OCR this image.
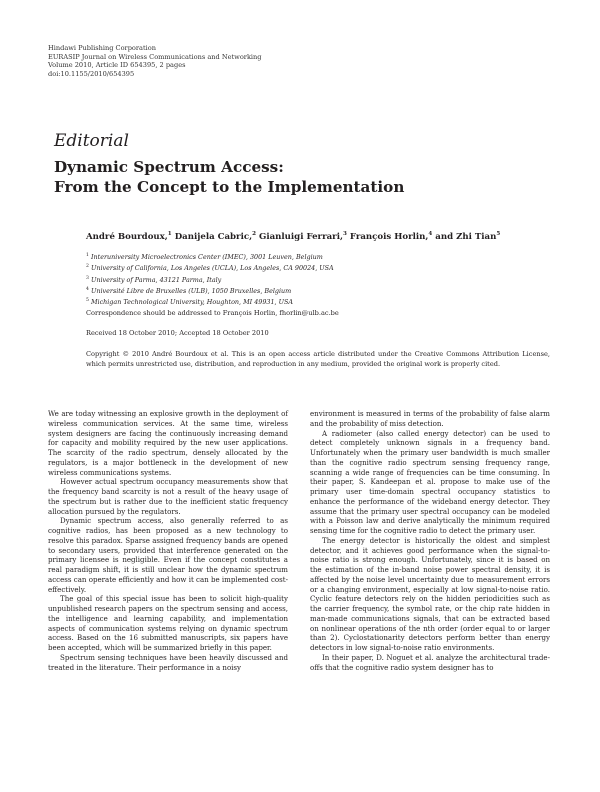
Hindawi Publishing Corporation
EURASIP Journal on Wireless Communications and Networking
Volume 2010, Article ID 654395, 2 pages
doi:10.1155/2010/654395
Editorial
Dynamic Spectrum Access:
From the Concept to the Implementation
André Bourdoux,$^1$ Danijela Cabric,$^2$ Gianluigi Ferrari,$^3$ François Horlin,$^4$ and Zhi Tian$^5$
$^1$ Interuniversity Microelectronics Center (IMEC), 3001 Leuven, Belgium
$^2$ University of California, Los Angeles (UCLA), Los Angeles, CA 90024, USA
$^3$ University of Parma, 43121 Parma, Italy
$^4$ Université Libre de Bruxelles (ULB), 1050 Bruxelles, Belgium
$^5$ Michigan Technological University, Houghton, MI 49931, USA
Correspondence should be addressed to François Horlin, fhorlin@ulb.ac.be
Received 18 October 2010; Accepted 18 October 2010
Copyright © 2010 André Bourdoux et al. This is an open access article distributed under the Creative Commons Attribution License, which permits unrestricted use, distribution, and reproduction in any medium, provided the original work is properly cited.

We are today witnessing an explosive growth in the deployment of wireless communication services. At the same time, wireless system designers are facing the continuously increasing demand for capacity and mobility required by the new user applications. The scarcity of the radio spectrum, densely allocated by the regulators, is a major bottleneck in the development of new wireless communications systems.

However actual spectrum occupancy measurements show that the frequency band scarcity is not a result of the heavy usage of the spectrum but is rather due to the inefficient static frequency allocation pursued by the regulators.

Dynamic spectrum access, also generally referred to as cognitive radios, has been proposed as a new technology to resolve this paradox. Sparse assigned frequency bands are opened to secondary users, provided that interference generated on the primary licensee is negligible. Even if the concept constitutes a real paradigm shift, it is still unclear how the dynamic spectrum access can operate efficiently and how it can be implemented cost-effectively.

The goal of this special issue has been to solicit high-quality unpublished research papers on the spectrum sensing and access, the intelligence and learning capability, and implementation aspects of communication systems relying on dynamic spectrum access. Based on the 16 submitted manuscripts, six papers have been accepted, which will be summarized briefly in this paper.

Spectrum sensing techniques have been heavily discussed and treated in the literature. Their performance in a noisy

environment is measured in terms of the probability of false alarm and the probability of miss detection.

A radiometer (also called energy detector) can be used to detect completely unknown signals in a frequency band. Unfortunately when the primary user bandwidth is much smaller than the cognitive radio spectrum sensing frequency range, scanning a wide range of frequencies can be time consuming. In their paper, S. Kandeepan et al. propose to make use of the primary user time-domain spectral occupancy statistics to enhance the performance of the wideband energy detector. They assume that the primary user spectral occupancy can be modeled with a Poisson law and derive analytically the minimum required sensing time for the cognitive radio to detect the primary user.

The energy detector is historically the oldest and simplest detector, and it achieves good performance when the signal-to-noise ratio is strong enough. Unfortunately, since it is based on the estimation of the in-band noise power spectral density, it is affected by the noise level uncertainty due to measurement errors or a changing environment, especially at low signal-to-noise ratio. Cyclic feature detectors rely on the hidden periodicities such as the carrier frequency, the symbol rate, or the chip rate hidden in man-made communications signals, that can be extracted based on nonlinear operations of the nth order (order equal to or larger than 2). Cyclostationarity detectors perform better than energy detectors in low signal-to-noise ratio environments.

In their paper, D. Noguet et al. analyze the architectural trade-offs that the cognitive radio system designer has to
